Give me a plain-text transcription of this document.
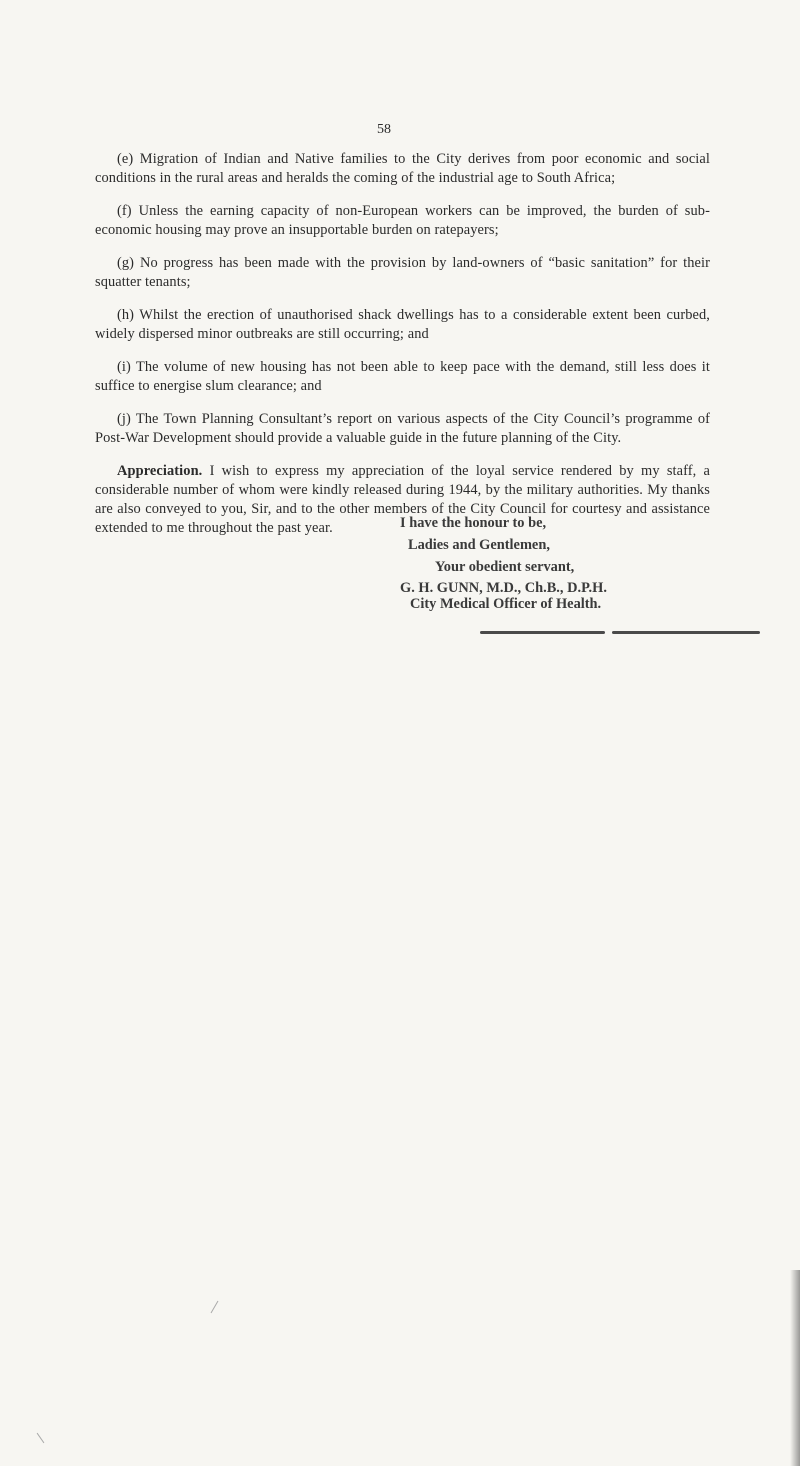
58

(e) Migration of Indian and Native families to the City derives from poor economic and social conditions in the rural areas and heralds the coming of the industrial age to South Africa;

(f) Unless the earning capacity of non-European workers can be improved, the burden of sub-economic housing may prove an insupportable burden on ratepayers;

(g) No progress has been made with the provision by land-owners of “basic sanitation” for their squatter tenants;

(h) Whilst the erection of unauthorised shack dwellings has to a considerable extent been curbed, widely dispersed minor outbreaks are still occurring; and

(i) The volume of new housing has not been able to keep pace with the demand, still less does it suffice to energise slum clearance; and

(j) The Town Planning Consultant’s report on various aspects of the City Council’s programme of Post-War Development should provide a valuable guide in the future planning of the City.

Appreciation. I wish to express my appreciation of the loyal service rendered by my staff, a considerable number of whom were kindly released during 1944, by the military authorities. My thanks are also conveyed to you, Sir, and to the other members of the City Council for courtesy and assistance extended to me throughout the past year.	I have the honour to be,
Ladies and Gentlemen,
Your obedient servant,
G. H. GUNN, M.D., Ch.B., D.P.H.
City Medical Officer of Health.
